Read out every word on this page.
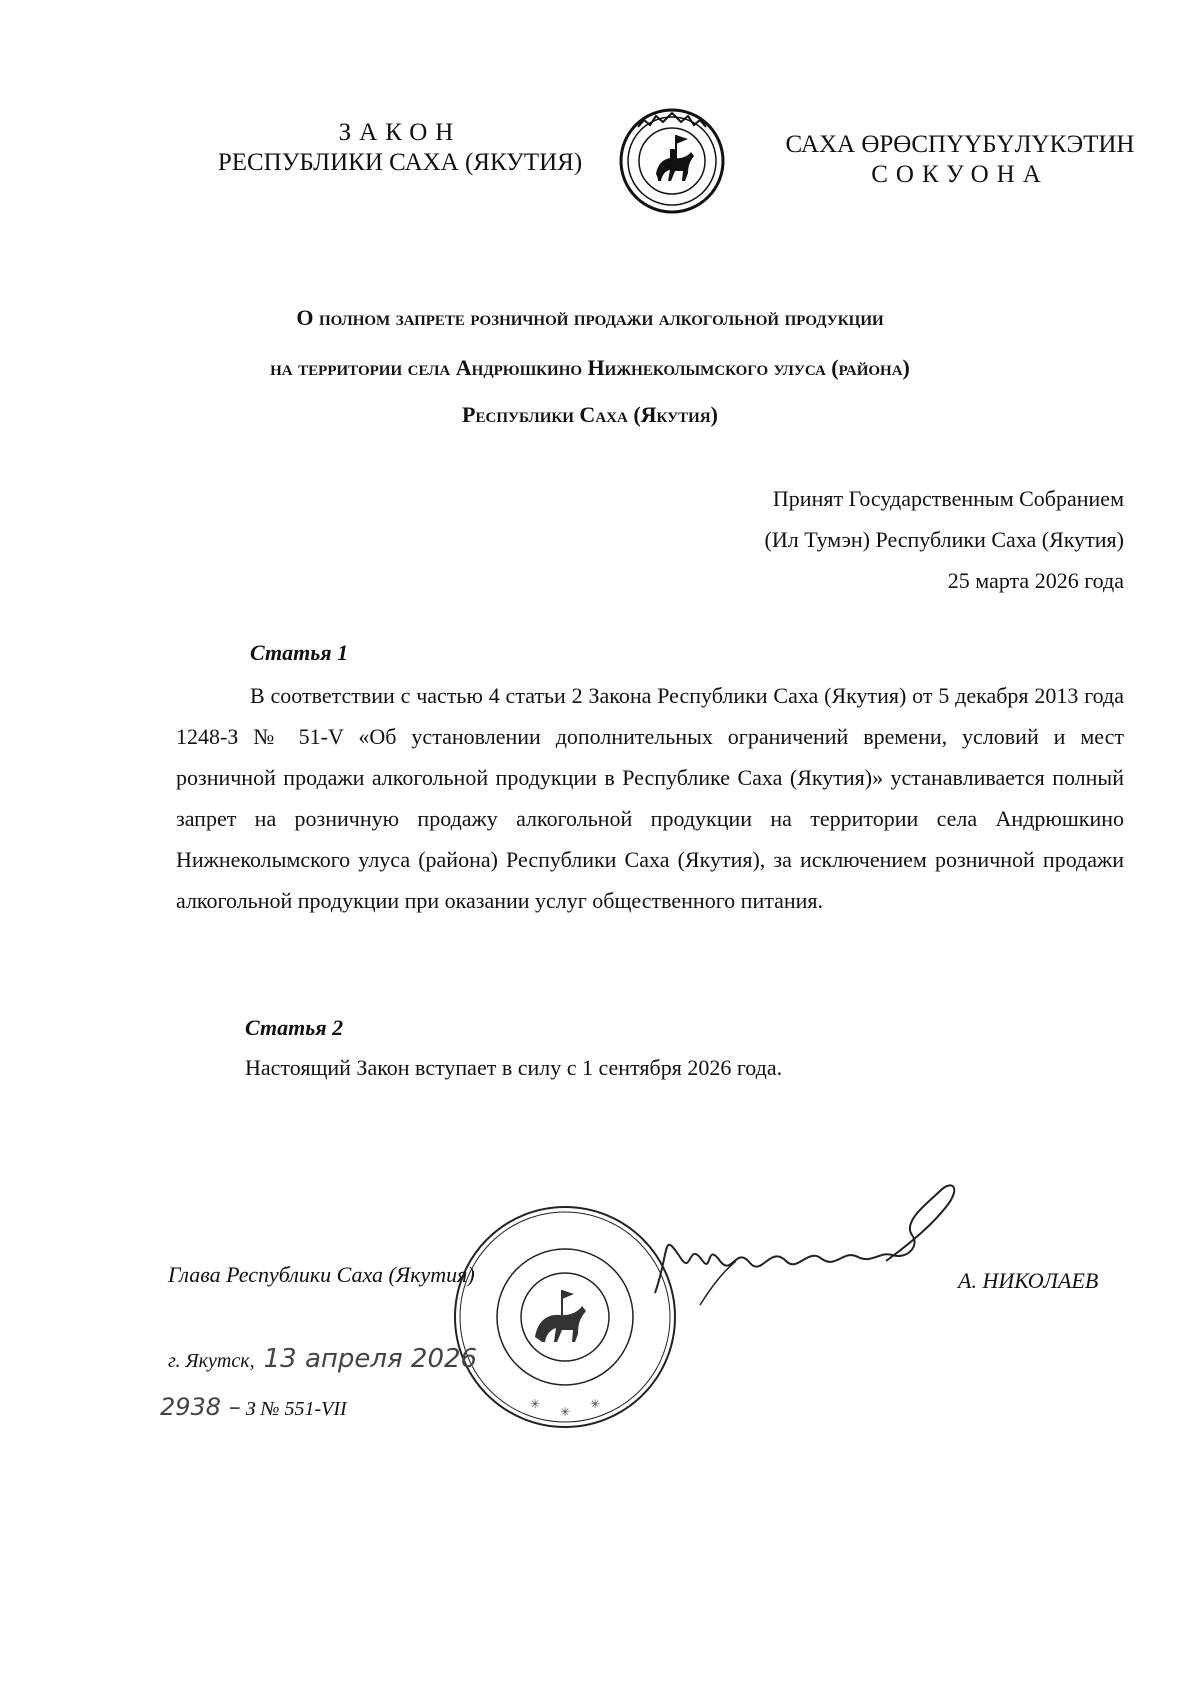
ЗАКОН
РЕСПУБЛИКИ САХА (ЯКУТИЯ)
САХА ӨРӨСПҮҮБҮЛҮКЭТИН
СОКУОНА
О полном запрете розничной продажи алкогольной продукции
на территории села Андрюшкино Нижнеколымского улуса (района)
Республики Саха (Якутия)
Принят Государственным Собранием
(Ил Тумэн) Республики Саха (Якутия)
25 марта 2026 года
Статья 1

В соответствии с частью 4 статьи 2 Закона Республики Саха (Якутия) от 5 декабря 2013 года 1248-З № 51-V «Об установлении дополнительных ограничений времени, условий и мест розничной продажи алкогольной продукции в Республике Саха (Якутия)» устанавливается полный запрет на розничную продажу алкогольной продукции на территории села Андрюшкино Нижнеколымского улуса (района) Республики Саха (Якутия), за исключением розничной продажи алкогольной продукции при оказании услуг общественного питания.

Статья 2
Настоящий Закон вступает в силу с 1 сентября 2026 года.
✳
✳
✳
Глава Республики Саха (Якутия)	А. НИКОЛАЕВ
г. Якутск, 13 апреля 2026
2938 – З № 551-VII
